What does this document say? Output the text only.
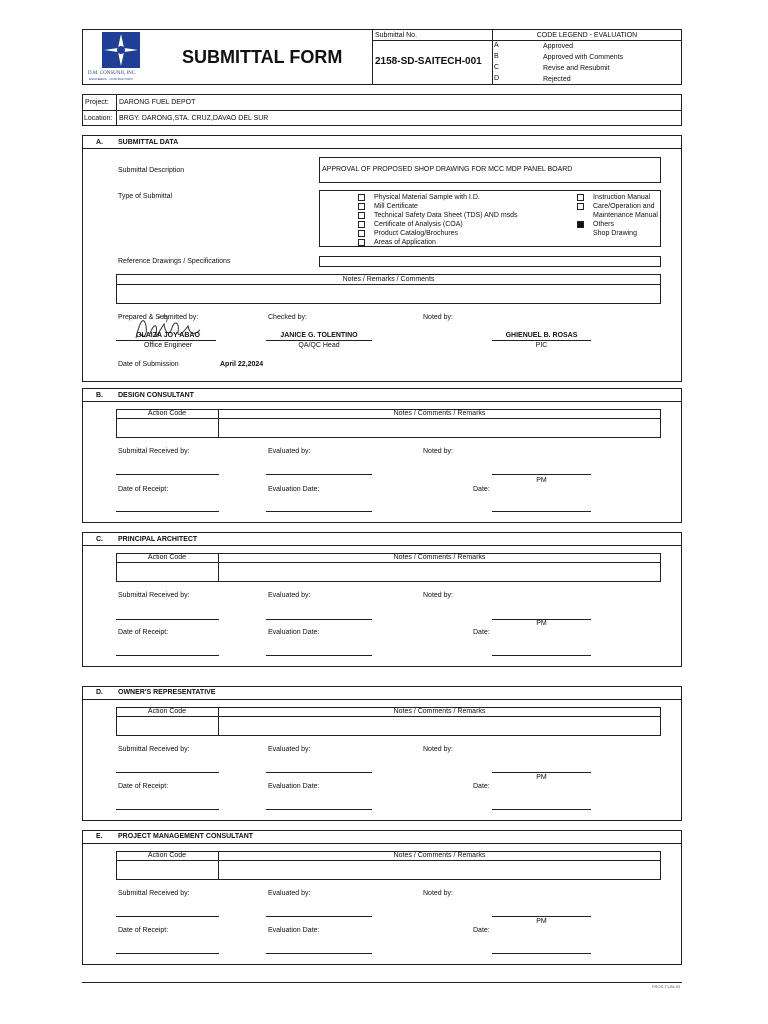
D.M. CONSUNJI, INC.
ENGINEERS · CONTRACTORS
SUBMITTAL FORM
Submittal No.
2158-SD-SAITECH-001
CODE LEGEND - EVALUATION
A	Approved
B	Approved with Comments
C	Revise and Resubmit
D	Rejected
Project: DARONG FUEL DEPOT
Location: BRGY. DARONG,STA. CRUZ,DAVAO DEL SUR
A. SUBMITTAL DATA
Submittal Description	APPROVAL OF PROPOSED SHOP DRAWING FOR MCC MDP PANEL BOARD
Type of Submittal	Physical Material Sample with I.D.
Mill Certificate
Technical Safety Data Sheet (TDS) AND msds
Certificate of Analysis (COA)
Product Catalog/Brochures
Areas of Application
Instruction Manual
Care/Operation and
Maintenance Manual
Others
Shop Drawing
Reference Drawings / Specifications
Notes / Remarks / Comments
Prepared & Submitted by:
GLAIZA JOY ABAO
Office Engineer
Checked by:
JANICE G. TOLENTINO
QA/QC Head
Noted by:
GHIENUEL B. ROSAS
PIC
Date of Submission	April 22,2024
B. DESIGN CONSULTANT
Action Code	Notes / Comments / Remarks
Submittal Received by:	Evaluated by:	Noted by:
PM
Date of Receipt:	Evaluation Date:	Date:
C. PRINCIPAL ARCHITECT
Action Code	Notes / Comments / Remarks
Submittal Received by:	Evaluated by:	Noted by:
PM
Date of Receipt:	Evaluation Date:	Date:
D. OWNER'S REPRESENTATIVE
Action Code	Notes / Comments / Remarks
Submittal Received by:	Evaluated by:	Noted by:
PM
Date of Receipt:	Evaluation Date:	Date:
E. PROJECT MANAGEMENT CONSULTANT
Action Code	Notes / Comments / Remarks
Submittal Received by:	Evaluated by:	Noted by:
PM
Date of Receipt:	Evaluation Date:	Date:
FROS-T1JM-03
